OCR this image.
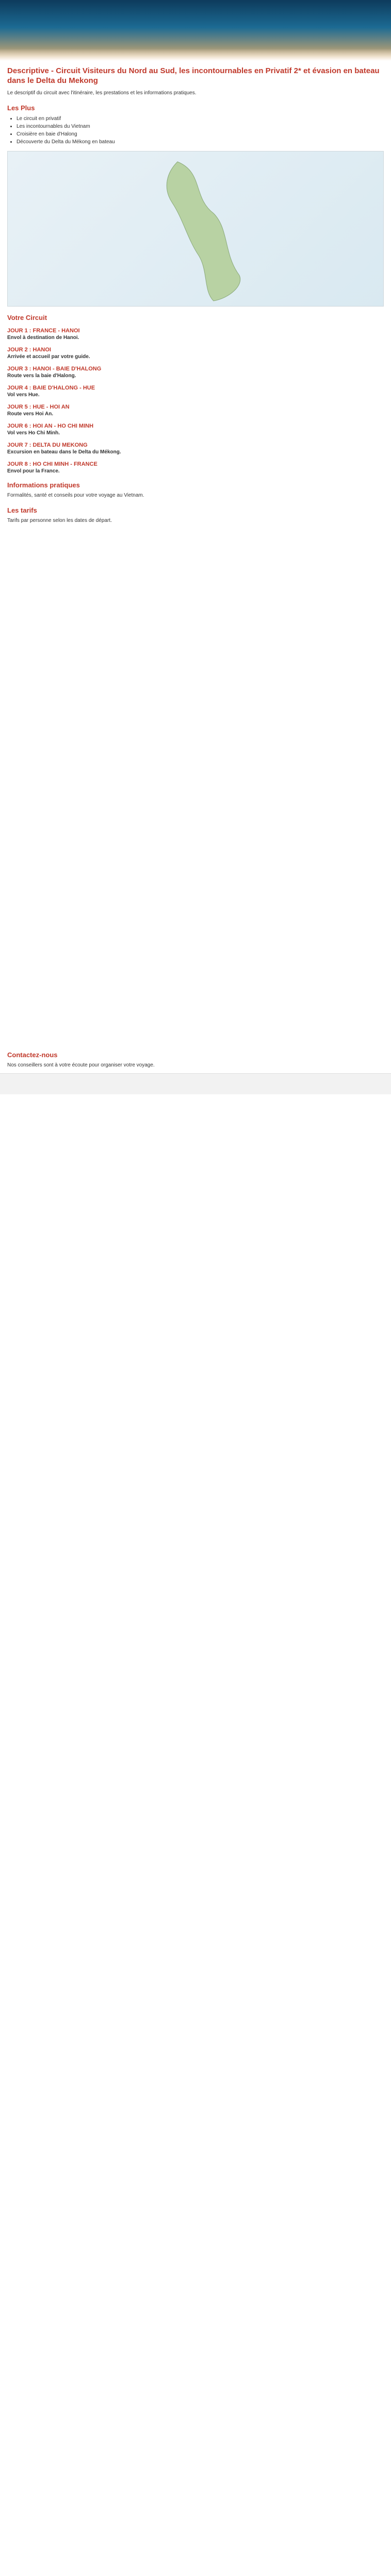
Descriptive - Circuit Visiteurs du Nord au Sud, les incontournables en Privatif 2* et évasion en bateau dans le Delta du Mekong

Le descriptif du circuit avec l'itinéraire, les prestations et les informations pratiques.

Les Plus
• Le circuit en privatif
• Les incontournables du Vietnam
• Croisière en baie d'Halong
• Découverte du Delta du Mékong en bateau
Votre Circuit
JOUR 1 : FRANCE - HANOI
Envol à destination de Hanoi.
JOUR 2 : HANOI
Arrivée et accueil par votre guide.
JOUR 3 : HANOI - BAIE D'HALONG
Route vers la baie d'Halong.
JOUR 4 : BAIE D'HALONG - HUE
Vol vers Hue.
JOUR 5 : HUE - HOI AN
Route vers Hoi An.
JOUR 6 : HOI AN - HO CHI MINH
Vol vers Ho Chi Minh.
JOUR 7 : DELTA DU MEKONG
Excursion en bateau dans le Delta du Mékong.
JOUR 8 : HO CHI MINH - FRANCE
Envol pour la France.
Informations pratiques

Formalités, santé et conseils pour votre voyage au Vietnam.

Les tarifs

Tarifs par personne selon les dates de départ.

Contactez-nous

Nos conseillers sont à votre écoute pour organiser votre voyage.
